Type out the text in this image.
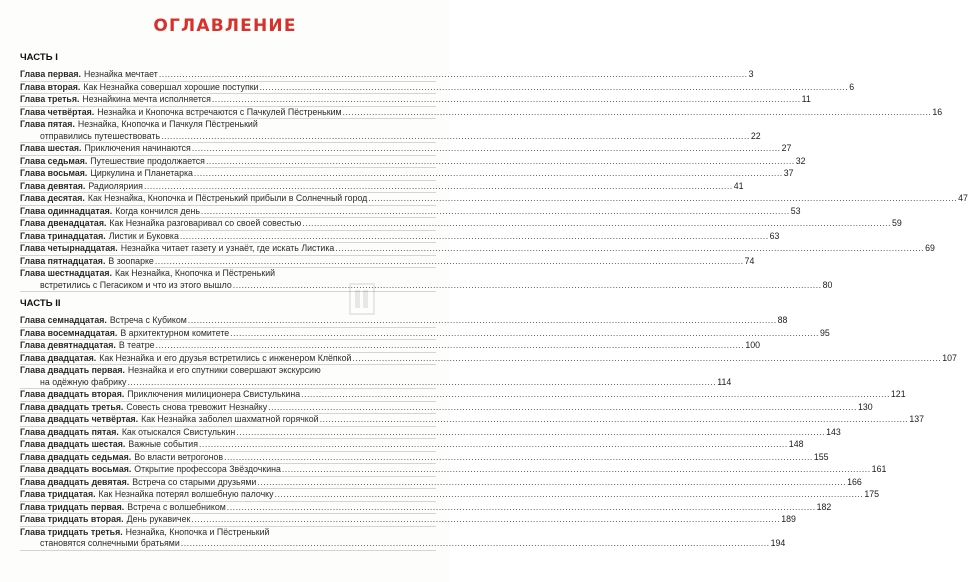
ОГЛАВЛЕНИЕ
ЧАСТЬ I
Глава первая. Незнайка мечтает ........................................................................................................................................................................................................ 3
Глава вторая. Как Незнайка совершал хорошие поступки ........................................................................................................................................................................................................ 6
Глава третья. Незнайкина мечта исполняется ........................................................................................................................................................................................................ 11
Глава четвёртая. Незнайка и Кнопочка встречаются с Пачкулей Пёстреньким ........................................................................................................................................................................................................ 16
Глава пятая. Незнайка, Кнопочка и Пачкуля Пёстренький
отправились путешествовать ........................................................................................................................................................................................................ 22
Глава шестая. Приключения начинаются ........................................................................................................................................................................................................ 27
Глава седьмая. Путешествие продолжается ........................................................................................................................................................................................................ 32
Глава восьмая. Циркулина и Планетарка ........................................................................................................................................................................................................ 37
Глава девятая. Радиоляриия ........................................................................................................................................................................................................ 41
Глава десятая. Как Незнайка, Кнопочка и Пёстренький прибыли в Солнечный город ........................................................................................................................................................................................................ 47
Глава одиннадцатая. Когда кончился день ........................................................................................................................................................................................................ 53
Глава двенадцатая. Как Незнайка разговаривал со своей совестью ........................................................................................................................................................................................................ 59
Глава тринадцатая. Листик и Буковка ........................................................................................................................................................................................................ 63
Глава четырнадцатая. Незнайка читает газету и узнаёт, где искать Листика ........................................................................................................................................................................................................ 69
Глава пятнадцатая. В зоопарке ........................................................................................................................................................................................................ 74
Глава шестнадцатая. Как Незнайка, Кнопочка и Пёстренький
встретились с Пегасиком и что из этого вышло ........................................................................................................................................................................................................ 80
ЧАСТЬ II
Глава семнадцатая. Встреча с Кубиком ........................................................................................................................................................................................................ 88
Глава восемнадцатая. В архитектурном комитете ........................................................................................................................................................................................................ 95
Глава девятнадцатая. В театре ........................................................................................................................................................................................................ 100
Глава двадцатая. Как Незнайка и его друзья встретились с инженером Клёпкой ........................................................................................................................................................................................................ 107
Глава двадцать первая. Незнайка и его спутники совершают экскурсию
на одёжную фабрику ........................................................................................................................................................................................................ 114
Глава двадцать вторая. Приключения милиционера Свистулькина ........................................................................................................................................................................................................ 121
Глава двадцать третья. Совесть снова тревожит Незнайку ........................................................................................................................................................................................................ 130
Глава двадцать четвёртая. Как Незнайка заболел шахматной горячкой ........................................................................................................................................................................................................ 137
Глава двадцать пятая. Как отыскался Свистулькин ........................................................................................................................................................................................................ 143
Глава двадцать шестая. Важные события ........................................................................................................................................................................................................ 148
Глава двадцать седьмая. Во власти ветрогонов ........................................................................................................................................................................................................ 155
Глава двадцать восьмая. Открытие профессора Звёздочкина ........................................................................................................................................................................................................ 161
Глава двадцать девятая. Встреча со старыми друзьями ........................................................................................................................................................................................................ 166
Глава тридцатая. Как Незнайка потерял волшебную палочку ........................................................................................................................................................................................................ 175
Глава тридцать первая. Встреча с волшебником ........................................................................................................................................................................................................ 182
Глава тридцать вторая. День рукавичек ........................................................................................................................................................................................................ 189
Глава тридцать третья. Незнайка, Кнопочка и Пёстренький
становятся солнечными братьями ........................................................................................................................................................................................................ 194
